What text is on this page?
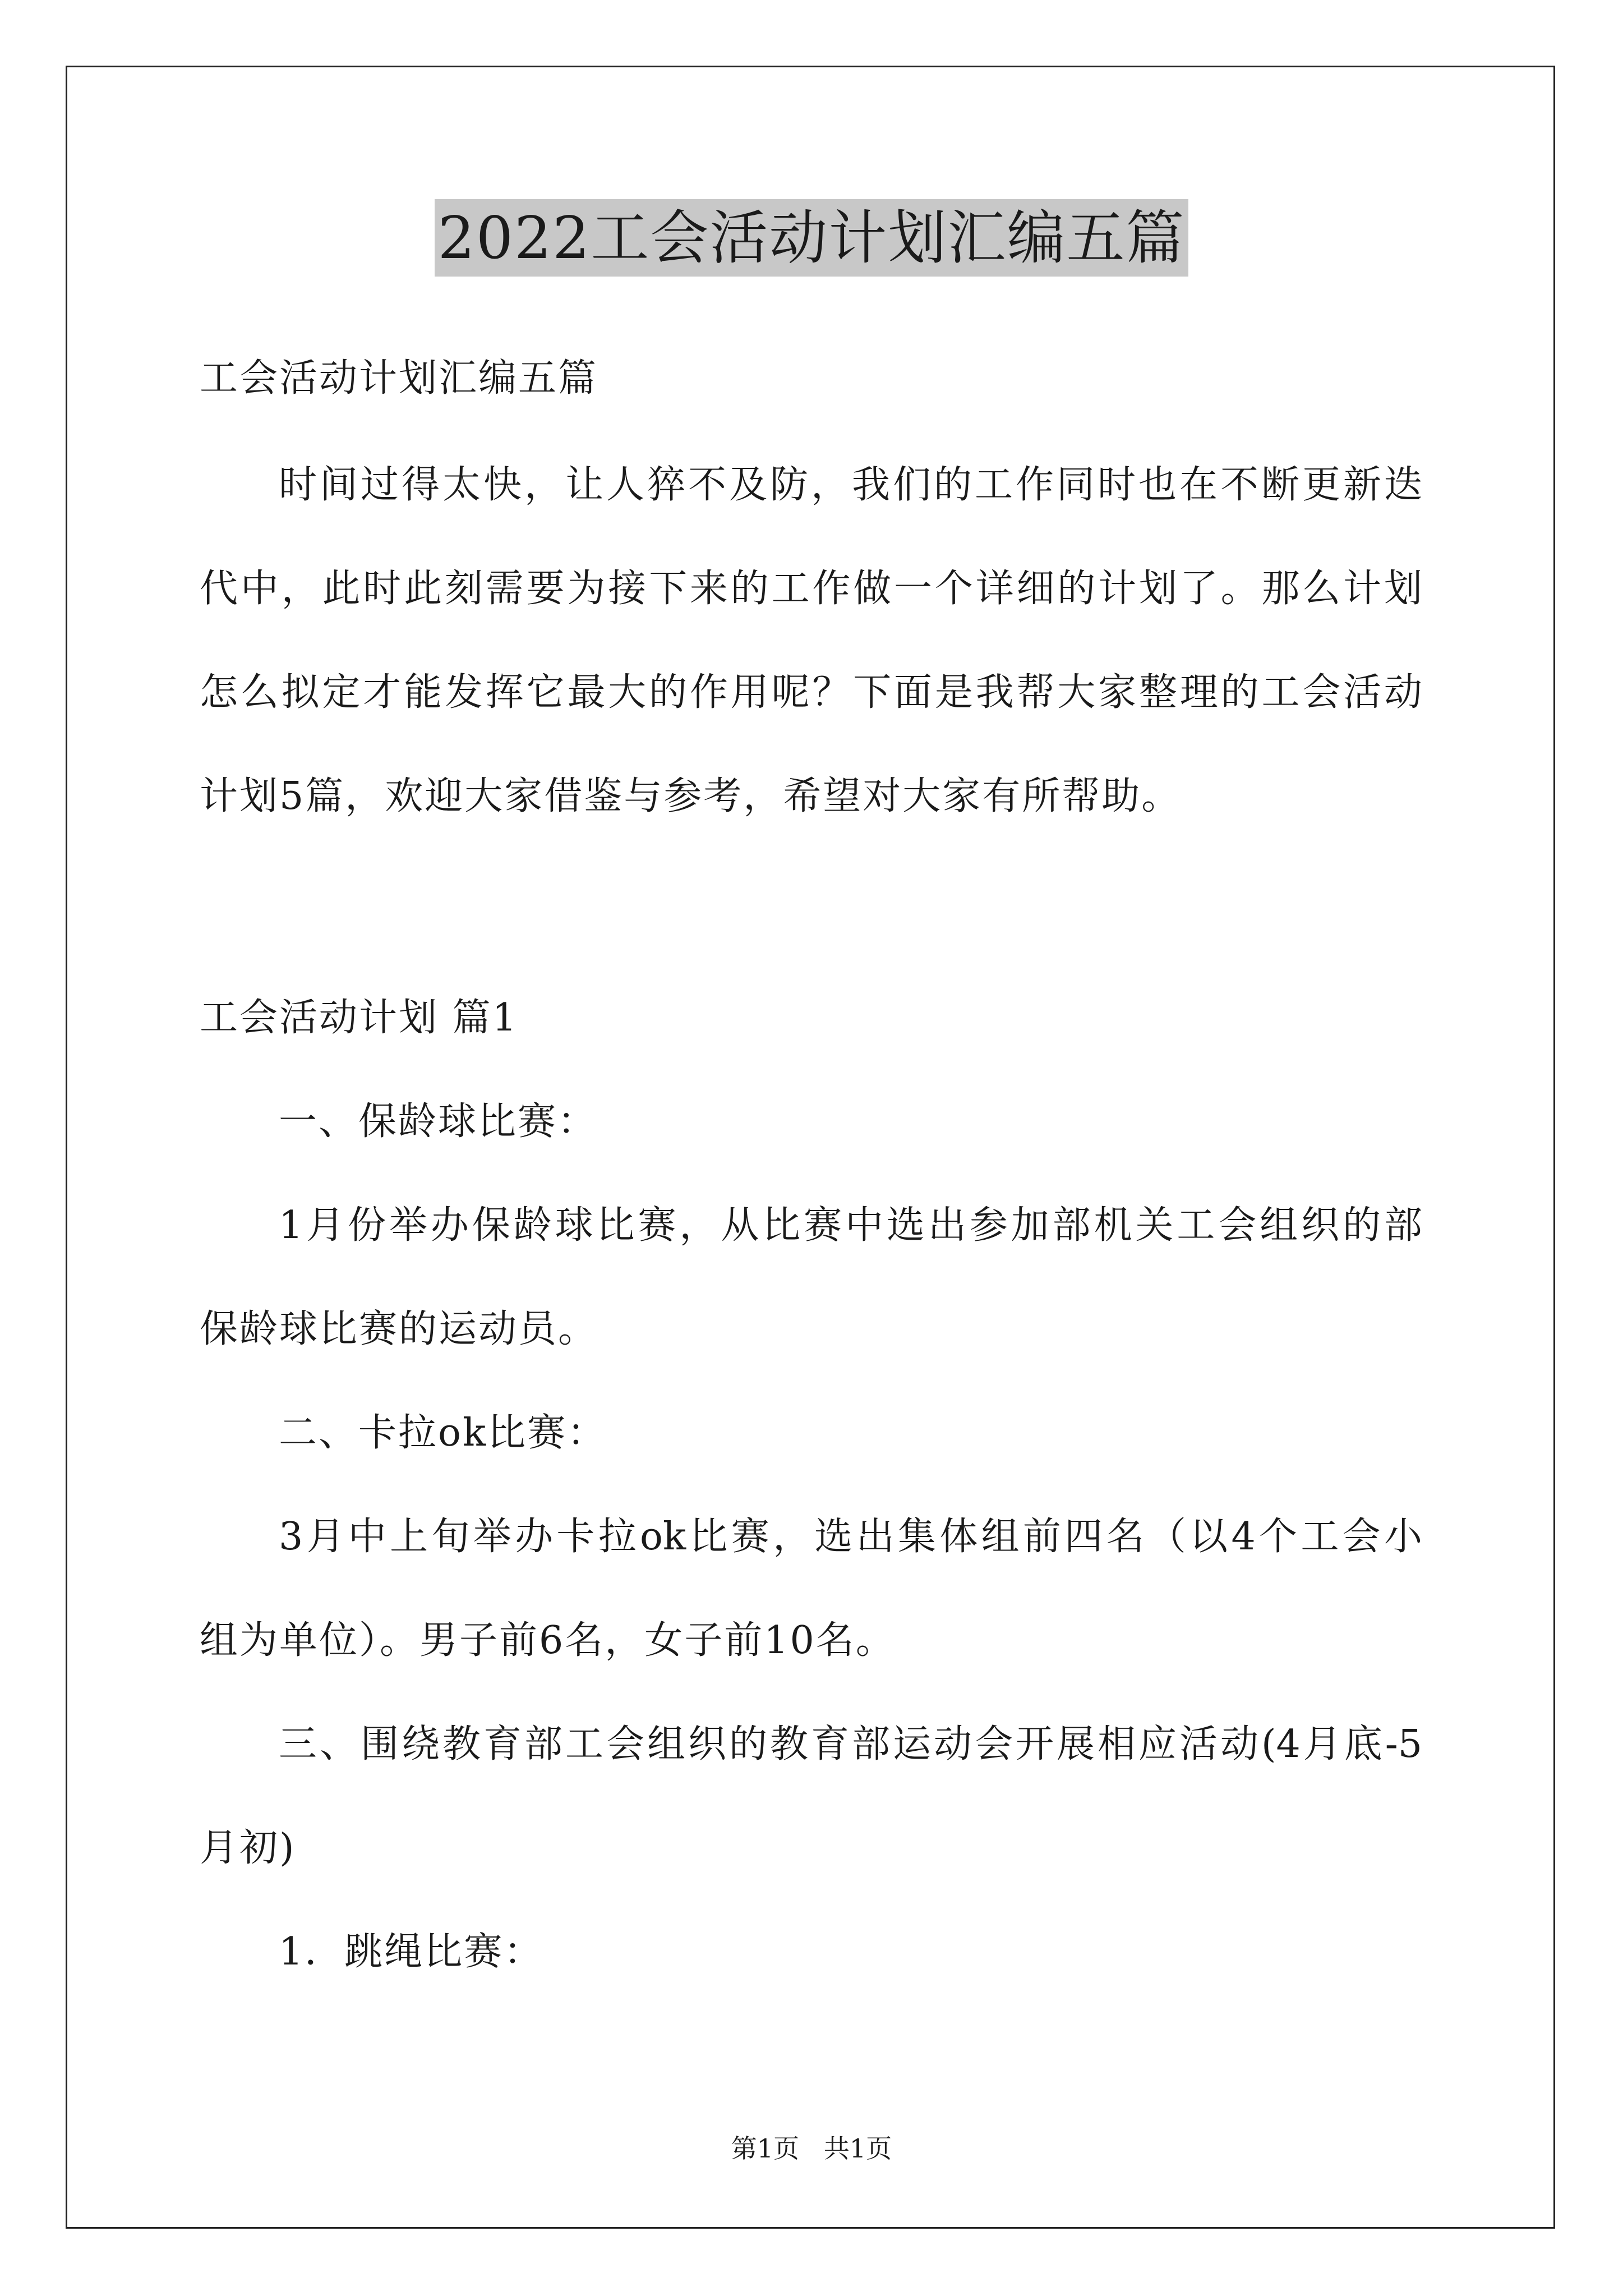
2022工会活动计划汇编五篇
工会活动计划汇编五篇
时间过得太快，让人猝不及防，我们的工作同时也在不断更新迭
代中，此时此刻需要为接下来的工作做一个详细的计划了。那么计划
怎么拟定才能发挥它最大的作用呢？下面是我帮大家整理的工会活动
计划5篇，欢迎大家借鉴与参考，希望对大家有所帮助。
工会活动计划 篇1
一、保龄球比赛：
1月份举办保龄球比赛，从比赛中选出参加部机关工会组织的部
保龄球比赛的运动员。
二、卡拉ok比赛：
3月中上旬举办卡拉ok比赛，选出集体组前四名（以4个工会小
组为单位）。男子前6名，女子前10名。
三、围绕教育部工会组织的教育部运动会开展相应活动(4月底-5
月初)
1．跳绳比赛：
第1页   共1页
